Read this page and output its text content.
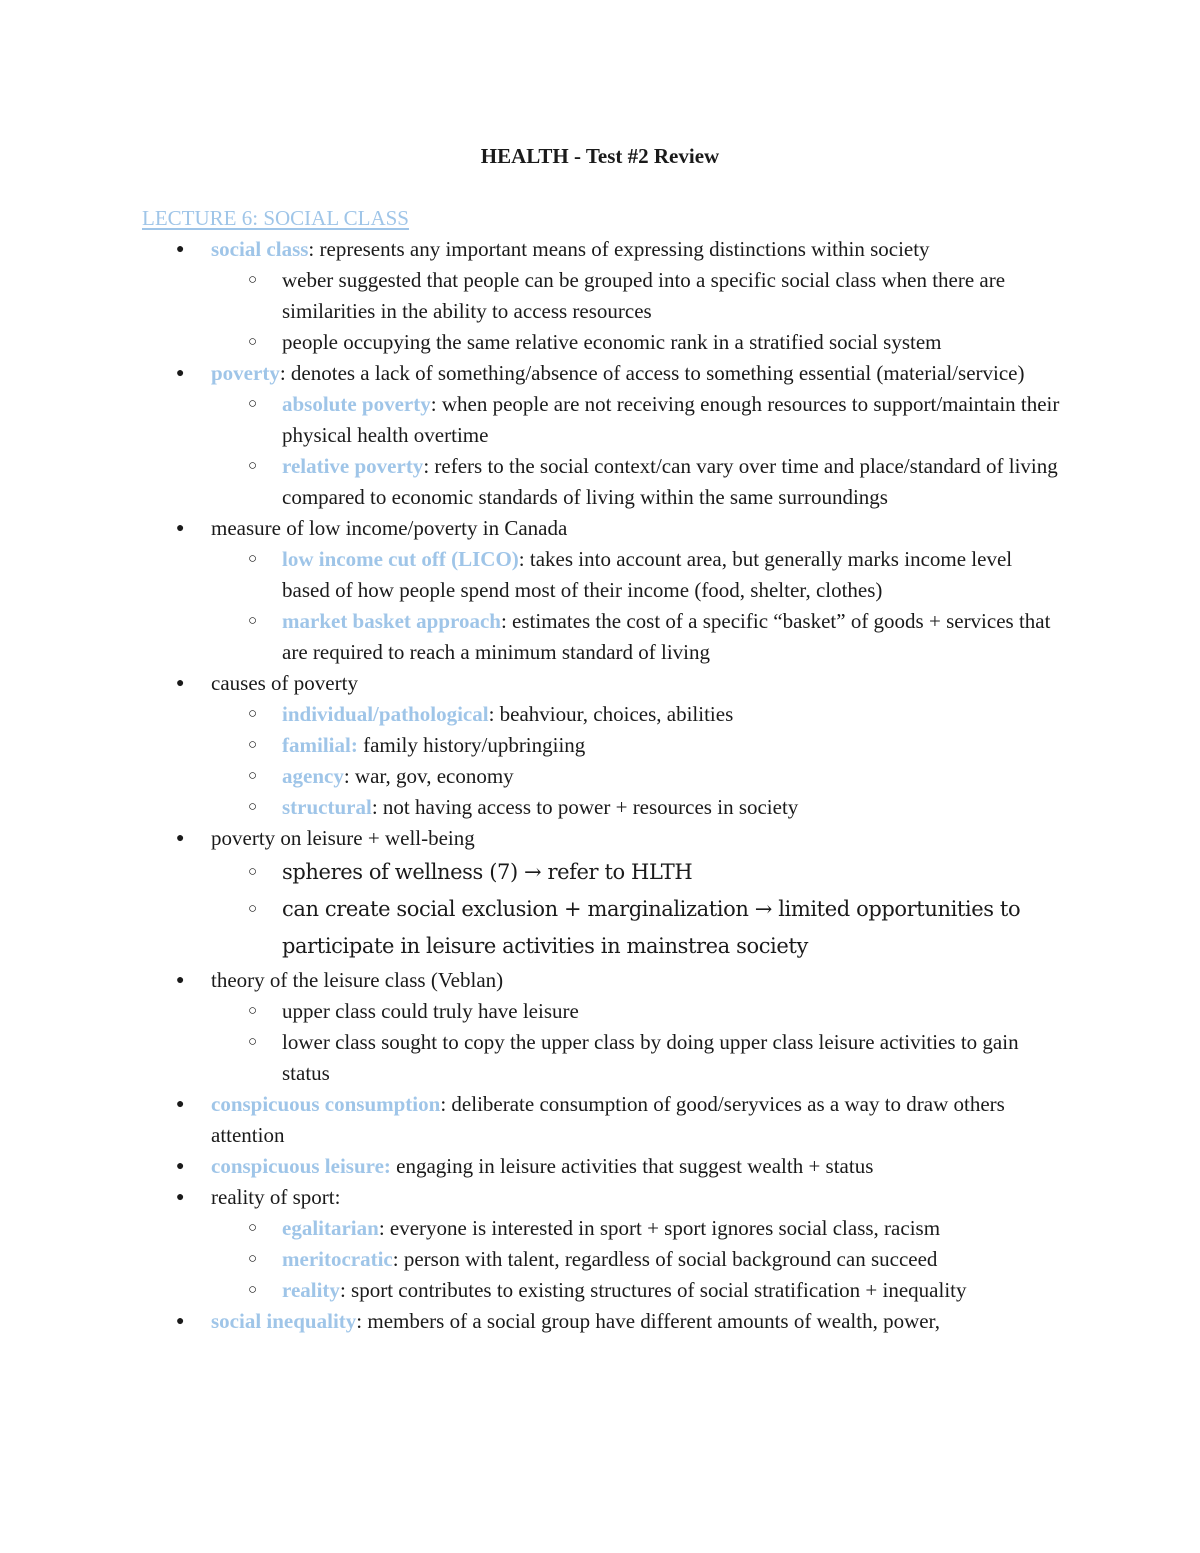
HEALTH - Test #2 Review
LECTURE 6: SOCIAL CLASS
●
social class: represents any important means of expressing distinctions within society
○
weber suggested that people can be grouped into a specific social class when there are similarities in the ability to access resources
○
people occupying the same relative economic rank in a stratified social system
●
poverty: denotes a lack of something/absence of access to something essential (material/service)
○
absolute poverty: when people are not receiving enough resources to support/maintain their physical health overtime
○
relative poverty: refers to the social context/can vary over time and place/standard of living compared to economic standards of living within the same surroundings
●
measure of low income/poverty in Canada
○
low income cut off (LICO): takes into account area, but generally marks income level based of how people spend most of their income (food, shelter, clothes)
○
market basket approach: estimates the cost of a specific “basket” of goods + services that are required to reach a minimum standard of living
●
causes of poverty
○
individual/pathological: beahviour, choices, abilities
○
familial: family history/upbringiing
○
agency: war, gov, economy
○
structural: not having access to power + resources in society
●
poverty on leisure + well-being
○
spheres of wellness (7) → refer to HLTH
○
can create social exclusion + marginalization → limited opportunities to participate in leisure activities in mainstrea society
●
theory of the leisure class (Veblan)
○
upper class could truly have leisure
○
lower class sought to copy the upper class by doing upper class leisure activities to gain status
●
conspicuous consumption: deliberate consumption of good/seryvices as a way to draw others attention
●
conspicuous leisure: engaging in leisure activities that suggest wealth + status
●
reality of sport:
○
egalitarian: everyone is interested in sport + sport ignores social class, racism
○
meritocratic: person with talent, regardless of social background can succeed
○
reality: sport contributes to existing structures of social stratification + inequality
●
social inequality: members of a social group have different amounts of wealth, power,
